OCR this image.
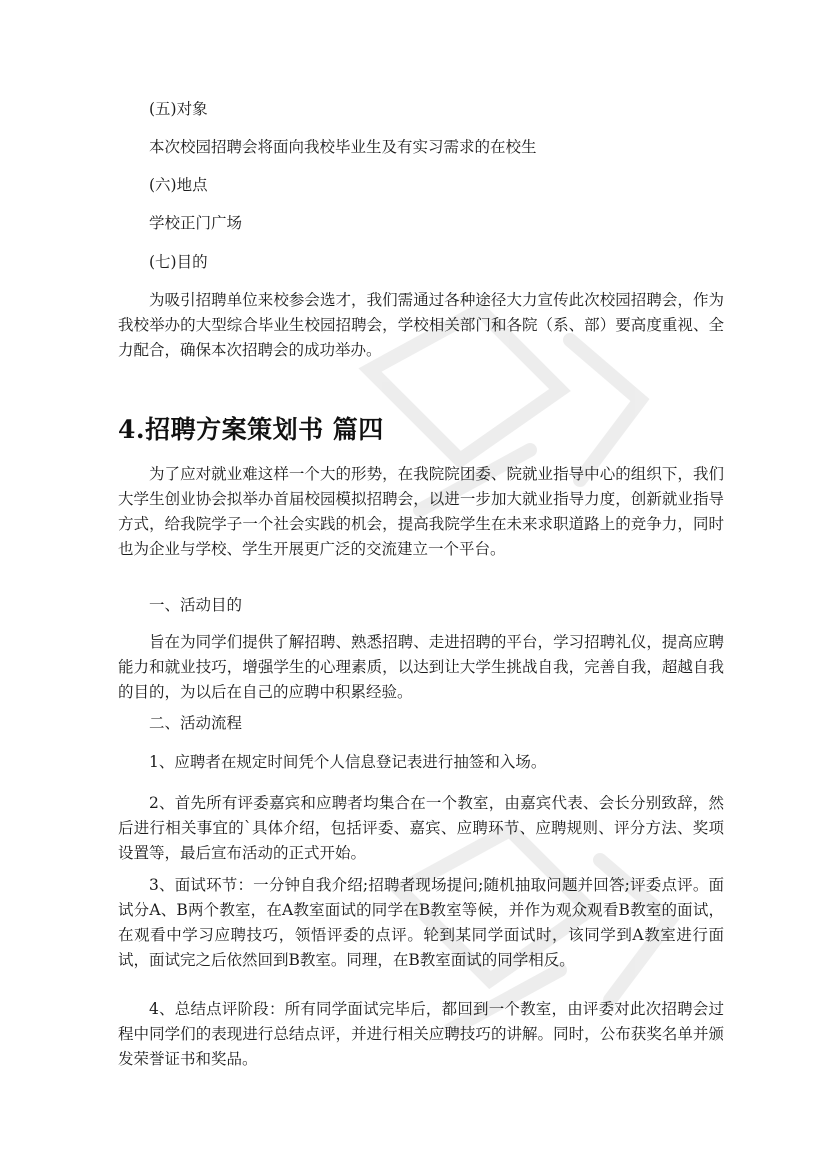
(五)对象
本次校园招聘会将面向我校毕业生及有实习需求的在校生
(六)地点
学校正门广场
(七)目的
为吸引招聘单位来校参会选才，我们需通过各种途径大力宣传此次校园招聘会，作为我校举办的大型综合毕业生校园招聘会，学校相关部门和各院（系、部）要高度重视、全力配合，确保本次招聘会的成功举办。
4.招聘方案策划书 篇四
为了应对就业难这样一个大的形势，在我院院团委、院就业指导中心的组织下，我们大学生创业协会拟举办首届校园模拟招聘会，以进一步加大就业指导力度，创新就业指导方式，给我院学子一个社会实践的机会，提高我院学生在未来求职道路上的竞争力，同时也为企业与学校、学生开展更广泛的交流建立一个平台。
一、活动目的
旨在为同学们提供了解招聘、熟悉招聘、走进招聘的平台，学习招聘礼仪，提高应聘能力和就业技巧，增强学生的心理素质，以达到让大学生挑战自我，完善自我，超越自我的目的，为以后在自己的应聘中积累经验。
二、活动流程
1、应聘者在规定时间凭个人信息登记表进行抽签和入场。
2、首先所有评委嘉宾和应聘者均集合在一个教室，由嘉宾代表、会长分别致辞，然后进行相关事宜的`具体介绍，包括评委、嘉宾、应聘环节、应聘规则、评分方法、奖项设置等，最后宣布活动的正式开始。
3、面试环节：一分钟自我介绍;招聘者现场提问;随机抽取问题并回答;评委点评。面试分A、B两个教室，在A教室面试的同学在B教室等候，并作为观众观看B教室的面试，在观看中学习应聘技巧，领悟评委的点评。轮到某同学面试时，该同学到A教室进行面试，面试完之后依然回到B教室。同理，在B教室面试的同学相反。
4、总结点评阶段：所有同学面试完毕后，都回到一个教室，由评委对此次招聘会过程中同学们的表现进行总结点评，并进行相关应聘技巧的讲解。同时，公布获奖名单并颁发荣誉证书和奖品。
